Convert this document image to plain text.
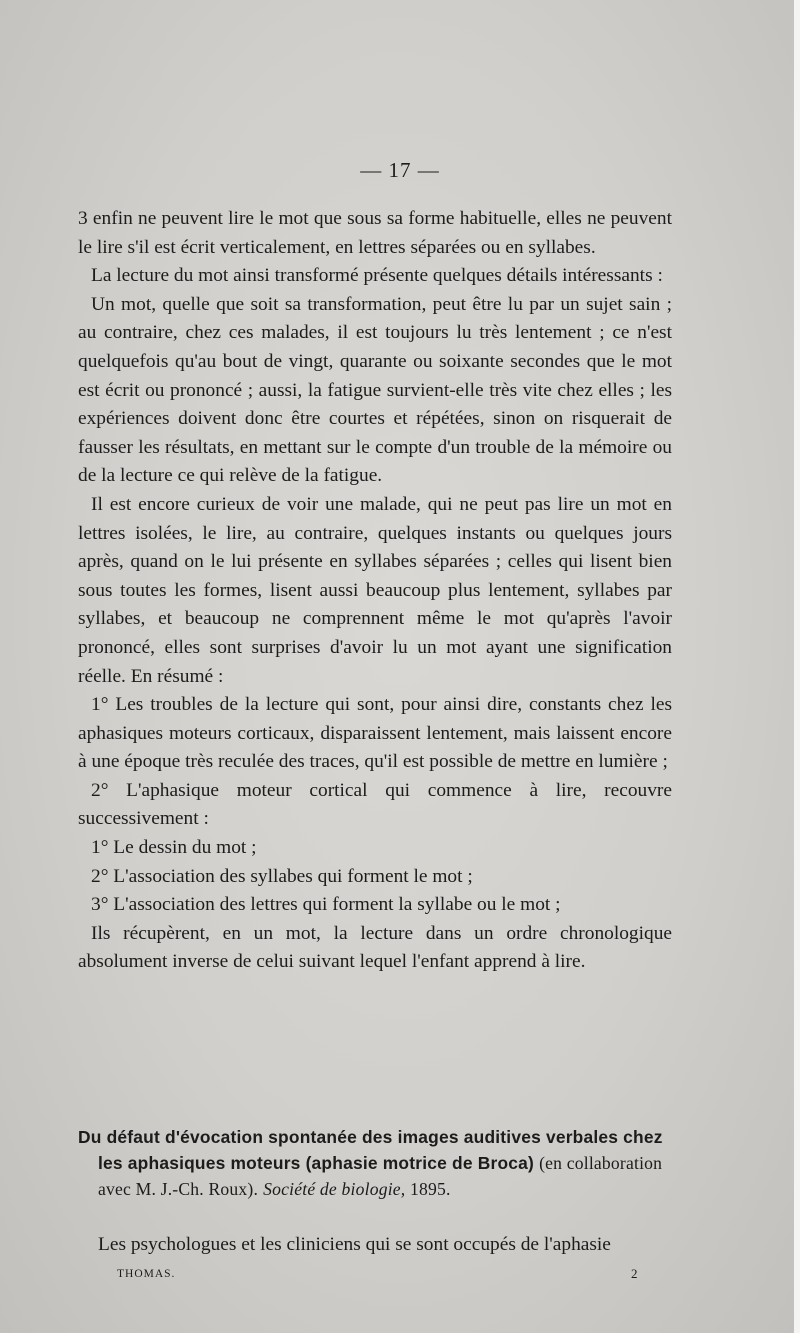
— 17 —

3 enfin ne peuvent lire le mot que sous sa forme habituelle, elles ne peuvent le lire s'il est écrit verticalement, en lettres séparées ou en syllabes.

La lecture du mot ainsi transformé présente quelques détails intéressants :

Un mot, quelle que soit sa transformation, peut être lu par un sujet sain ; au contraire, chez ces malades, il est toujours lu très lentement ; ce n'est quelquefois qu'au bout de vingt, quarante ou soixante secondes que le mot est écrit ou prononcé ; aussi, la fatigue survient-elle très vite chez elles ; les expériences doivent donc être courtes et répétées, sinon on risquerait de fausser les résultats, en mettant sur le compte d'un trouble de la mémoire ou de la lecture ce qui relève de la fatigue.

Il est encore curieux de voir une malade, qui ne peut pas lire un mot en lettres isolées, le lire, au contraire, quelques instants ou quelques jours après, quand on le lui présente en syllabes séparées ; celles qui lisent bien sous toutes les formes, lisent aussi beaucoup plus lentement, syllabes par syllabes, et beaucoup ne comprennent même le mot qu'après l'avoir prononcé, elles sont surprises d'avoir lu un mot ayant une signification réelle. En résumé :

1° Les troubles de la lecture qui sont, pour ainsi dire, constants chez les aphasiques moteurs corticaux, disparaissent lentement, mais laissent encore à une époque très reculée des traces, qu'il est possible de mettre en lumière ;

2° L'aphasique moteur cortical qui commence à lire, recouvre successivement :

1° Le dessin du mot ;

2° L'association des syllabes qui forment le mot ;

3° L'association des lettres qui forment la syllabe ou le mot ;

Ils récupèrent, en un mot, la lecture dans un ordre chronologique absolument inverse de celui suivant lequel l'enfant apprend à lire.

Du défaut d'évocation spontanée des images auditives verbales chez les aphasiques moteurs (aphasie motrice de Broca) (en collaboration avec M. J.-Ch. Roux). Société de biologie, 1895.

Les psychologues et les cliniciens qui se sont occupés de l'aphasie
THOMAS.	2
